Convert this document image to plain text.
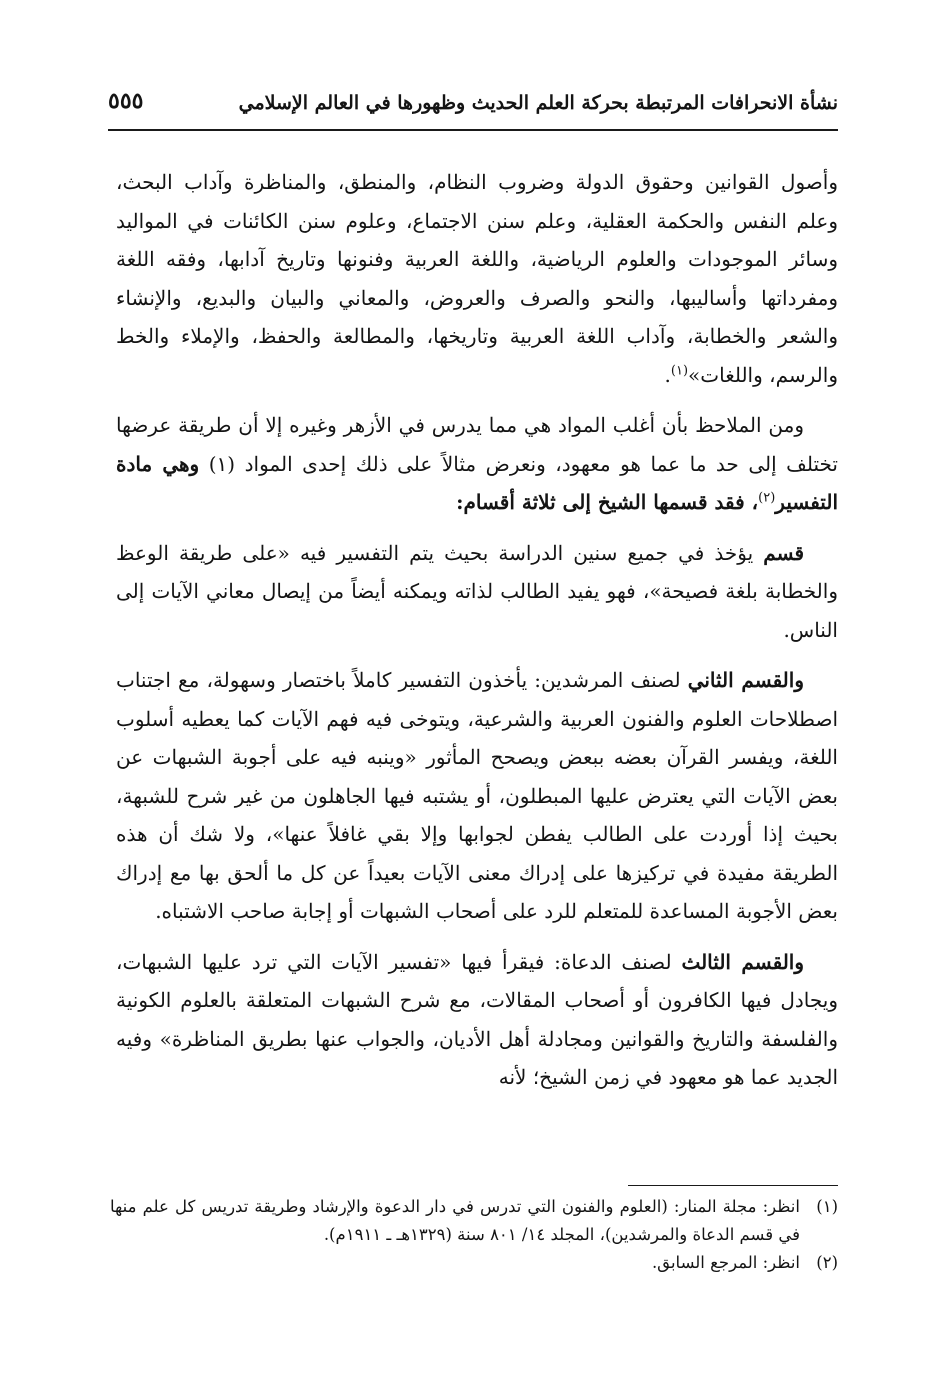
نشأة الانحرافات المرتبطة بحركة العلم الحديث وظهورها في العالم الإسلامي
٥٥٥

وأصول القوانين وحقوق الدولة وضروب النظام، والمنطق، والمناظرة وآداب البحث، وعلم النفس والحكمة العقلية، وعلم سنن الاجتماع، وعلوم سنن الكائنات في المواليد وسائر الموجودات والعلوم الرياضية، واللغة العربية وفنونها وتاريخ آدابها، وفقه اللغة ومفرداتها وأساليبها، والنحو والصرف والعروض، والمعاني والبيان والبديع، والإنشاء والشعر والخطابة، وآداب اللغة العربية وتاريخها، والمطالعة والحفظ، والإملاء والخط والرسم، واللغات»$^{(١)}$.

ومن الملاحظ بأن أغلب المواد هي مما يدرس في الأزهر وغيره إلا أن طريقة عرضها تختلف إلى حد ما عما هو معهود، ونعرض مثالاً على ذلك إحدى المواد (١) وهي مادة التفسير$^{(٢)}$، فقد قسمها الشيخ إلى ثلاثة أقسام:

قسم يؤخذ في جميع سنين الدراسة بحيث يتم التفسير فيه «على طريقة الوعظ والخطابة بلغة فصيحة»، فهو يفيد الطالب لذاته ويمكنه أيضاً من إيصال معاني الآيات إلى الناس.

والقسم الثاني لصنف المرشدين: يأخذون التفسير كاملاً باختصار وسهولة، مع اجتناب اصطلاحات العلوم والفنون العربية والشرعية، ويتوخى فيه فهم الآيات كما يعطيه أسلوب اللغة، ويفسر القرآن بعضه ببعض ويصحح المأثور «وينبه فيه على أجوبة الشبهات عن بعض الآيات التي يعترض عليها المبطلون، أو يشتبه فيها الجاهلون من غير شرح للشبهة، بحيث إذا أوردت على الطالب يفطن لجوابها وإلا بقي غافلاً عنها»، ولا شك أن هذه الطريقة مفيدة في تركيزها على إدراك معنى الآيات بعيداً عن كل ما ألحق بها مع إدراك بعض الأجوبة المساعدة للمتعلم للرد على أصحاب الشبهات أو إجابة صاحب الاشتباه.

والقسم الثالث لصنف الدعاة: فيقرأ فيها «تفسير الآيات التي ترد عليها الشبهات، ويجادل فيها الكافرون أو أصحاب المقالات، مع شرح الشبهات المتعلقة بالعلوم الكونية والفلسفة والتاريخ والقوانين ومجادلة أهل الأديان، والجواب عنها بطريق المناظرة» وفيه الجديد عما هو معهود في زمن الشيخ؛ لأنه

(١)
انظر: مجلة المنار: (العلوم والفنون التي تدرس في دار الدعوة والإرشاد وطريقة تدريس كل علم منها في قسم الدعاة والمرشدين)، المجلد ١٤/ ٨٠١ سنة (١٣٢٩هـ ـ ١٩١١م).
(٢)
انظر: المرجع السابق.
